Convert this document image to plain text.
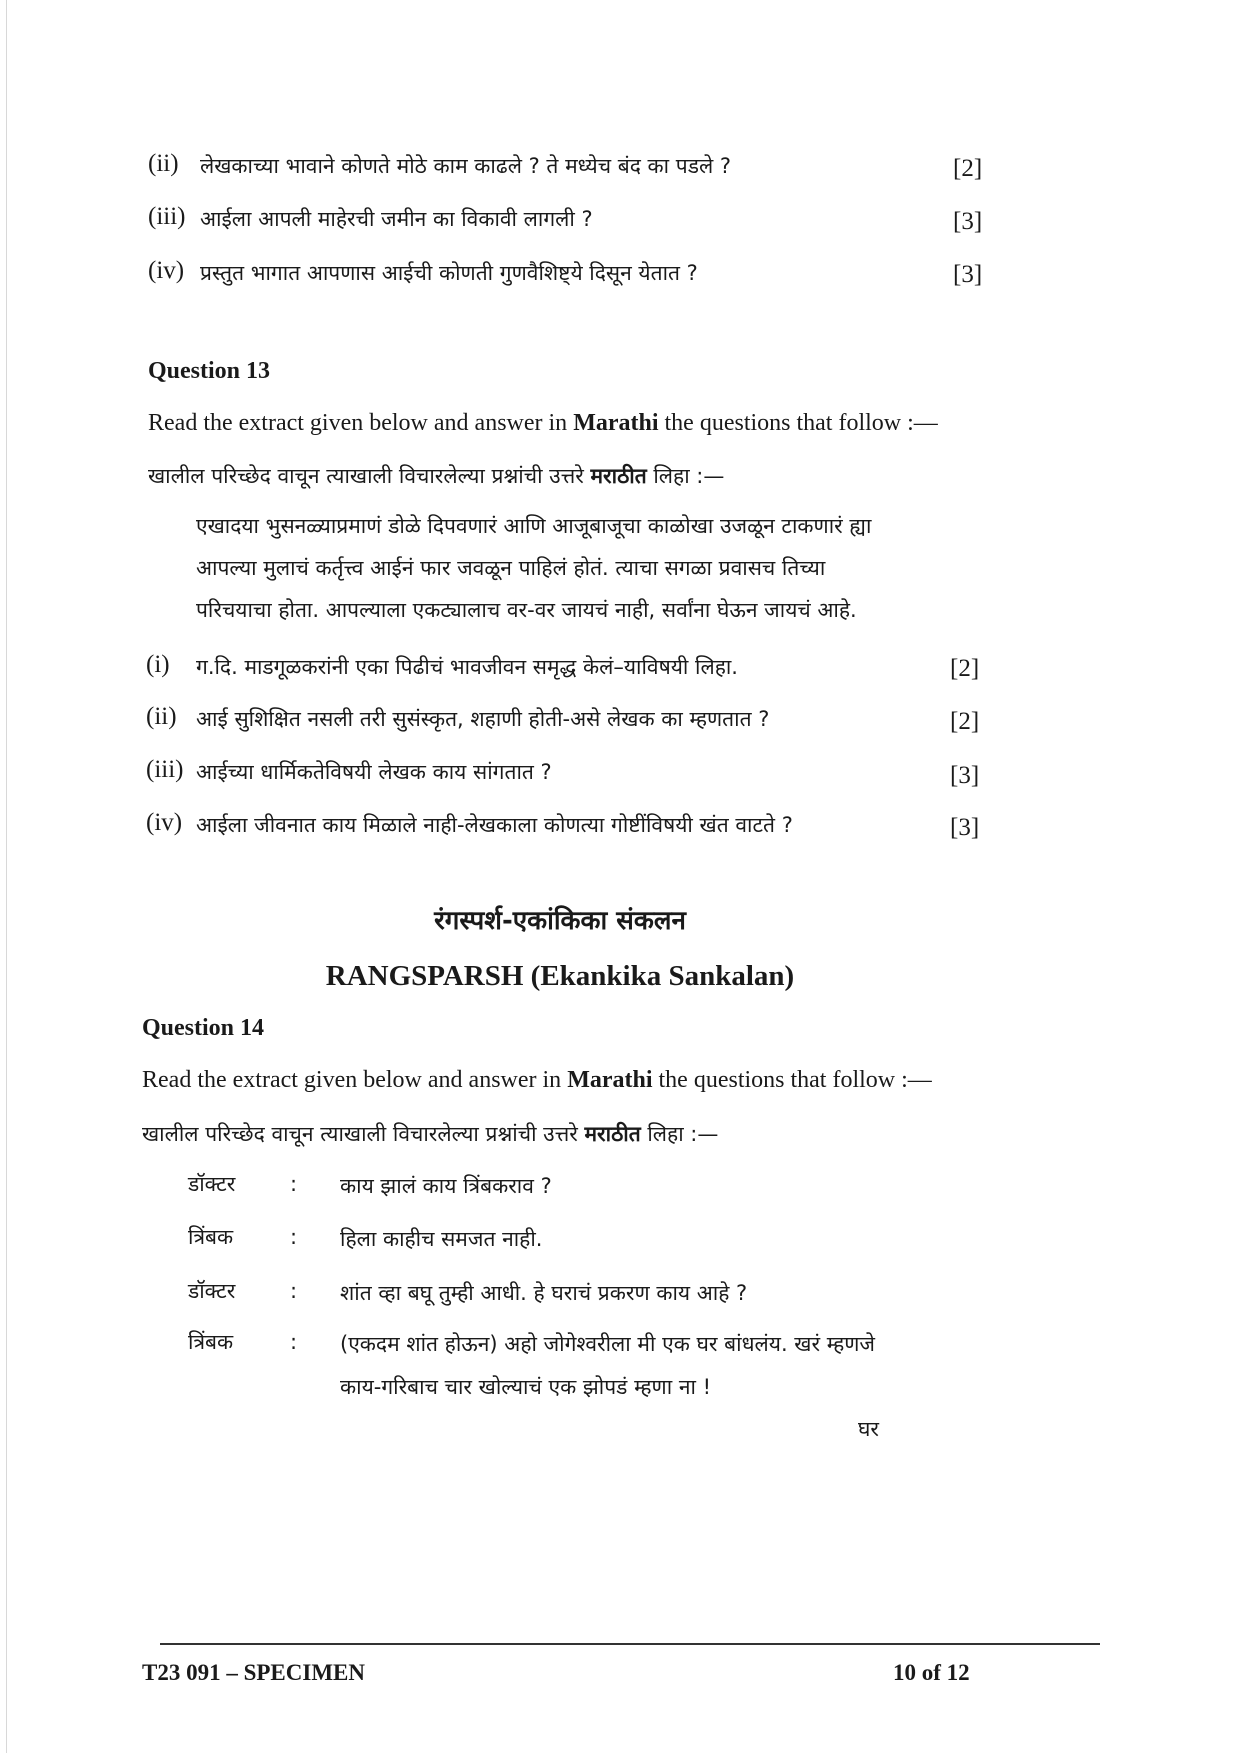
(ii) लेखकाच्या भावाने कोणते मोठे काम काढले ? ते मध्येच बंद का पडले ?	[2]
(iii) आईला आपली माहेरची जमीन का विकावी लागली ?	[3]
(iv) प्रस्तुत भागात आपणास आईची कोणती गुणवैशिष्ट्ये दिसून येतात ?	[3]
Question 13
Read the extract given below and answer in Marathi the questions that follow :—
खालील परिच्छेद वाचून त्याखाली विचारलेल्या प्रश्नांची उत्तरे मराठीत लिहा :—
एखादया भुसनळ्याप्रमाणं डोळे दिपवणारं आणि आजूबाजूचा काळोखा उजळून टाकणारं ह्या
आपल्या मुलाचं कर्तृत्त्व आईनं फार जवळून पाहिलं होतं. त्याचा सगळा प्रवासच तिच्या
परिचयाचा होता. आपल्याला एकट्यालाच वर-वर जायचं नाही, सर्वांना घेऊन जायचं आहे.
(i) ग.दि. माडगूळकरांनी एका पिढीचं भावजीवन समृद्ध केलं–याविषयी लिहा.	[2]
(ii) आई सुशिक्षित नसली तरी सुसंस्कृत, शहाणी होती-असे लेखक का म्हणतात ?	[2]
(iii) आईच्या धार्मिकतेविषयी लेखक काय सांगतात ?	[3]
(iv) आईला जीवनात काय मिळाले नाही-लेखकाला कोणत्या गोष्टींविषयी खंत वाटते ?	[3]
रंगस्पर्श-एकांकिका संकलन
RANGSPARSH (Ekankika Sankalan)
Question 14
Read the extract given below and answer in Marathi the questions that follow :—
खालील परिच्छेद वाचून त्याखाली विचारलेल्या प्रश्नांची उत्तरे मराठीत लिहा :—
डॉक्टर	: काय झालं काय त्रिंबकराव ?
त्रिंबक	: हिला काहीच समजत नाही.
डॉक्टर	: शांत व्हा बघू तुम्ही आधी. हे घराचं प्रकरण काय आहे ?
त्रिंबक	: (एकदम शांत होऊन) अहो जोगेश्वरीला मी एक घर बांधलंय. खरं म्हणजे
काय-गरिबाच चार खोल्याचं एक झोपडं म्हणा ना !
घर
T23 091 – SPECIMEN	10 of 12
